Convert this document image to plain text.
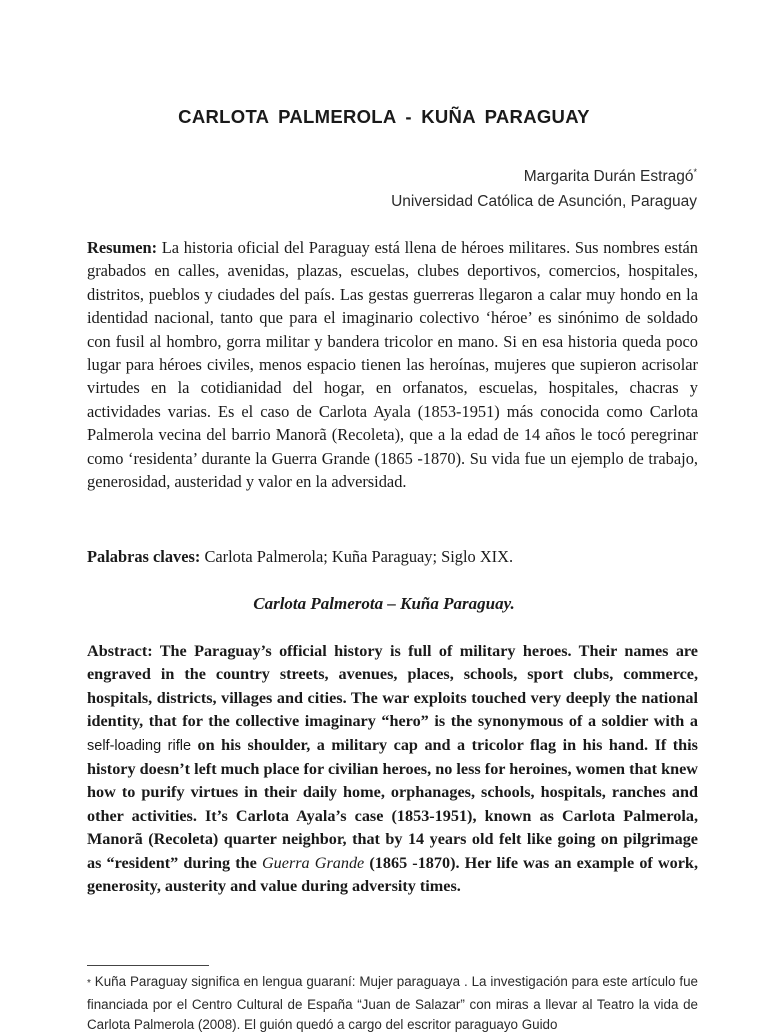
CARLOTA PALMEROLA - KUÑA PARAGUAY
Margarita Durán Estragó*
Universidad Católica de Asunción, Paraguay

Resumen: La historia oficial del Paraguay está llena de héroes militares. Sus nombres están grabados en calles, avenidas, plazas, escuelas, clubes deportivos, comercios, hospitales, distritos, pueblos y ciudades del país. Las gestas guerreras llegaron a calar muy hondo en la identidad nacional, tanto que para el imaginario colectivo ‘héroe’ es sinónimo de soldado con fusil al hombro, gorra militar y bandera tricolor en mano. Si en esa historia queda poco lugar para héroes civiles, menos espacio tienen las heroínas, mujeres que supieron acrisolar virtudes en la cotidianidad del hogar, en orfanatos, escuelas, hospitales, chacras y actividades varias. Es el caso de Carlota Ayala (1853-1951) más conocida como Carlota Palmerola vecina del barrio Manorã (Recoleta), que a la edad de 14 años le tocó peregrinar como ‘residenta’ durante la Guerra Grande (1865 -1870). Su vida fue un ejemplo de trabajo, generosidad, austeridad y valor en la adversidad.

Palabras claves: Carlota Palmerola; Kuña Paraguay; Siglo XIX.

Carlota Palmerota – Kuña Paraguay.

Abstract: The Paraguay’s official history is full of military heroes. Their names are engraved in the country streets, avenues, places, schools, sport clubs, commerce, hospitals, districts, villages and cities. The war exploits touched very deeply the national identity, that for the collective imaginary “hero” is the synonymous of a soldier with a self-loading rifle on his shoulder, a military cap and a tricolor flag in his hand. If this history doesn’t left much place for civilian heroes, no less for heroines, women that knew how to purify virtues in their daily home, orphanages, schools, hospitals, ranches and other activities. It’s Carlota Ayala’s case (1853-1951), known as Carlota Palmerola, Manorã (Recoleta) quarter neighbor, that by 14 years old felt like going on pilgrimage as “resident” during the Guerra Grande (1865 -1870). Her life was an example of work, generosity, austerity and value during adversity times.

* Kuña Paraguay significa en lengua guaraní: Mujer paraguaya . La investigación para este artículo fue financiada por el Centro Cultural de España “Juan de Salazar” con miras a llevar al Teatro la vida de Carlota Palmerola (2008). El guión quedó a cargo del escritor paraguayo Guido
